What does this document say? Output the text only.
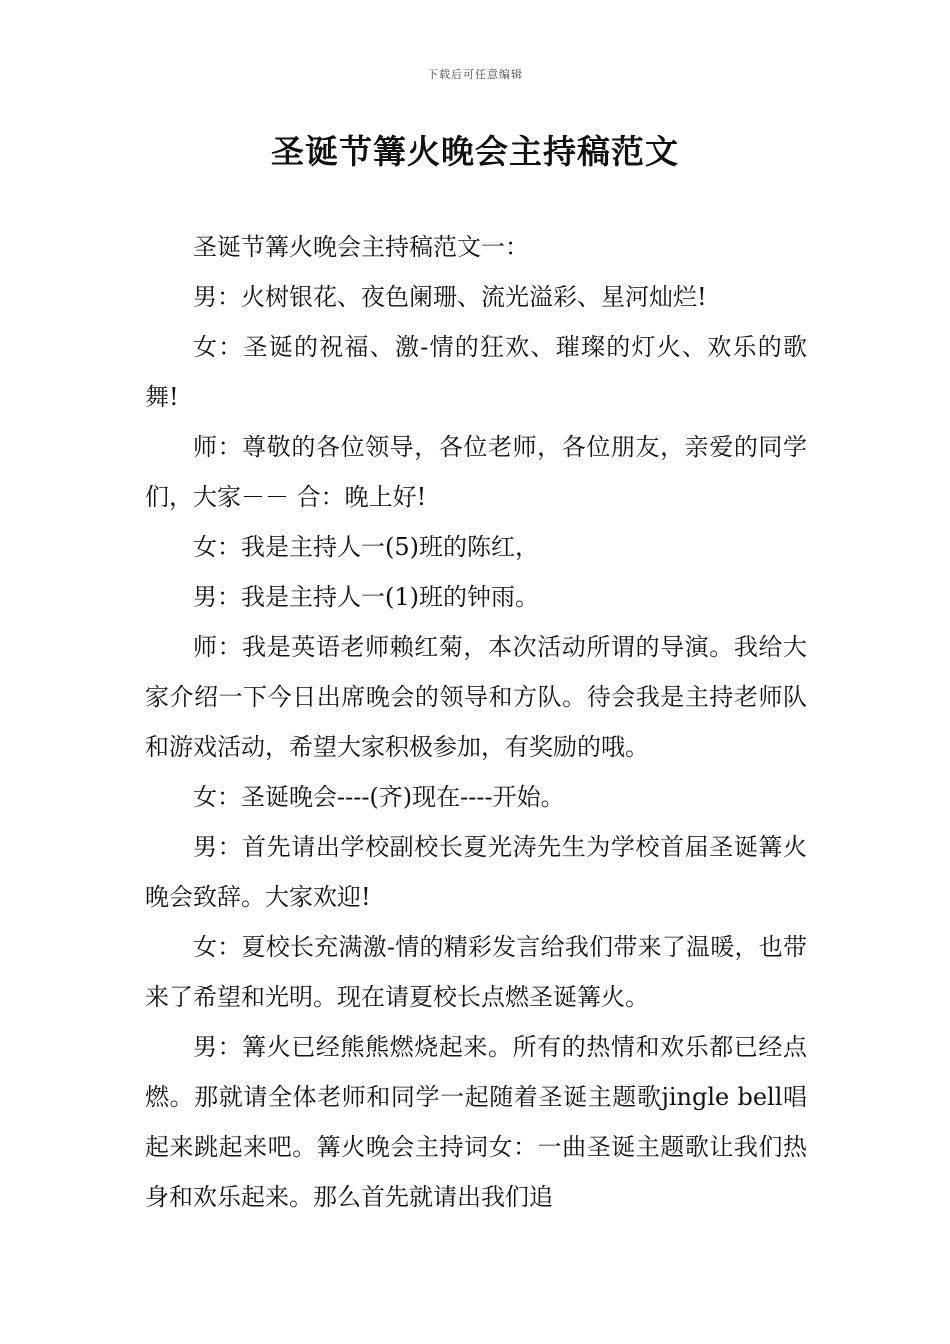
下载后可任意编辑
圣诞节篝火晚会主持稿范文

圣诞节篝火晚会主持稿范文一：

男：火树银花、夜色阑珊、流光溢彩、星河灿烂!

女：圣诞的祝福、激-情的狂欢、璀璨的灯火、欢乐的歌舞!

师：尊敬的各位领导，各位老师，各位朋友，亲爱的同学们，大家－－ 合：晚上好!

女：我是主持人一(5)班的陈红，

男：我是主持人一(1)班的钟雨。

师：我是英语老师赖红菊，本次活动所谓的导演。我给大家介绍一下今日出席晚会的领导和方队。待会我是主持老师队和游戏活动，希望大家积极参加，有奖励的哦。

女：圣诞晚会----(齐)现在----开始。

男：首先请出学校副校长夏光涛先生为学校首届圣诞篝火晚会致辞。大家欢迎!

女：夏校长充满激-情的精彩发言给我们带来了温暖，也带来了希望和光明。现在请夏校长点燃圣诞篝火。

男：篝火已经熊熊燃烧起来。所有的热情和欢乐都已经点燃。那就请全体老师和同学一起随着圣诞主题歌jingle bell唱起来跳起来吧。篝火晚会主持词女：一曲圣诞主题歌让我们热身和欢乐起来。那么首先就请出我们追
